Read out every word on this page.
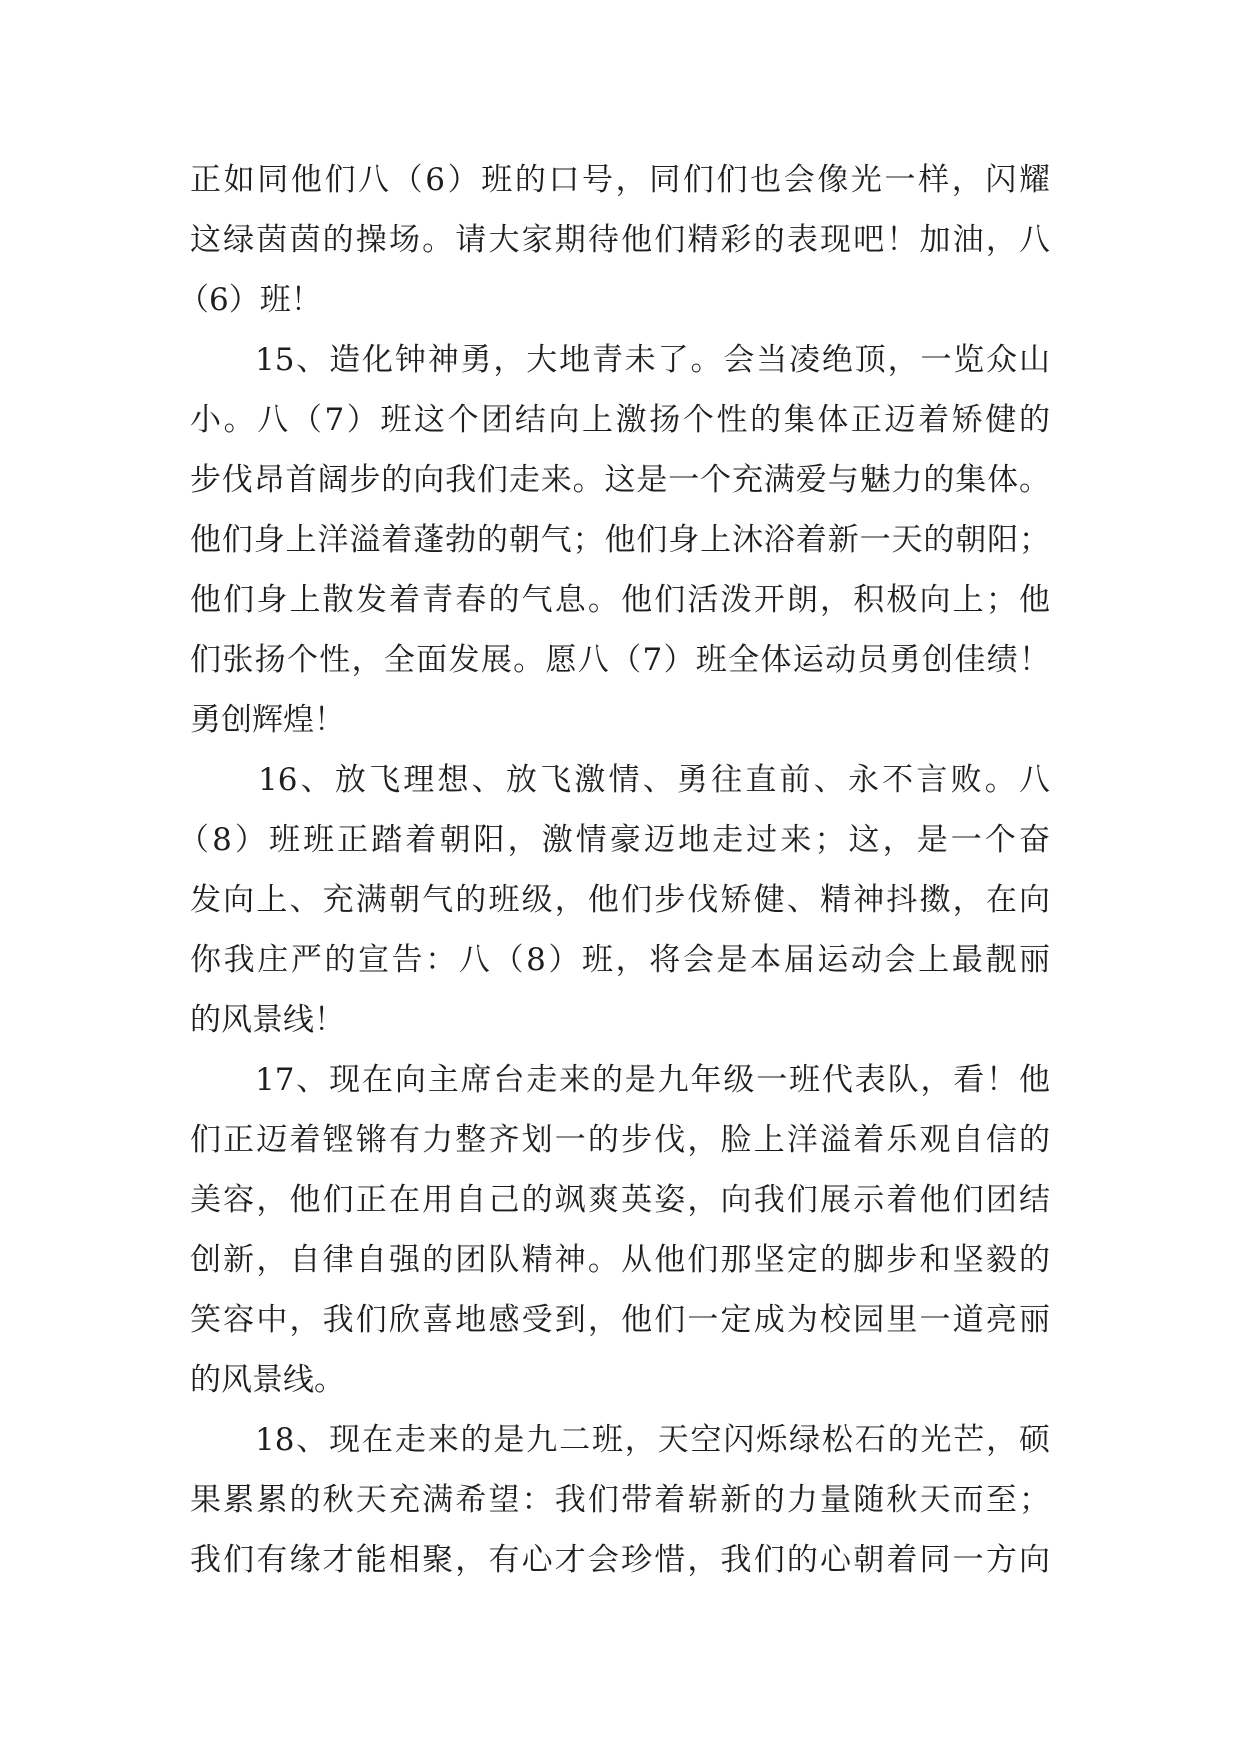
正如同他们八（6）班的口号，同们们也会像光一样，闪耀
这绿茵茵的操场。请大家期待他们精彩的表现吧！加油，八
（6）班！
15、造化钟神勇，大地青未了。会当凌绝顶，一览众山
小。八（7）班这个团结向上激扬个性的集体正迈着矫健的
步伐昂首阔步的向我们走来。这是一个充满爱与魅力的集体。
他们身上洋溢着蓬勃的朝气；他们身上沐浴着新一天的朝阳；
他们身上散发着青春的气息。他们活泼开朗，积极向上；他
们张扬个性，全面发展。愿八（7）班全体运动员勇创佳绩！
勇创辉煌！
16、放飞理想、放飞激情、勇往直前、永不言败。八
（8）班班正踏着朝阳，激情豪迈地走过来；这，是一个奋
发向上、充满朝气的班级，他们步伐矫健、精神抖擞，在向
你我庄严的宣告：八（8）班，将会是本届运动会上最靓丽
的风景线！
17、现在向主席台走来的是九年级一班代表队，看！他
们正迈着铿锵有力整齐划一的步伐，脸上洋溢着乐观自信的
美容，他们正在用自己的飒爽英姿，向我们展示着他们团结
创新，自律自强的团队精神。从他们那坚定的脚步和坚毅的
笑容中，我们欣喜地感受到，他们一定成为校园里一道亮丽
的风景线。
18、现在走来的是九二班，天空闪烁绿松石的光芒，硕
果累累的秋天充满希望：我们带着崭新的力量随秋天而至；
我们有缘才能相聚，有心才会珍惜，我们的心朝着同一方向
